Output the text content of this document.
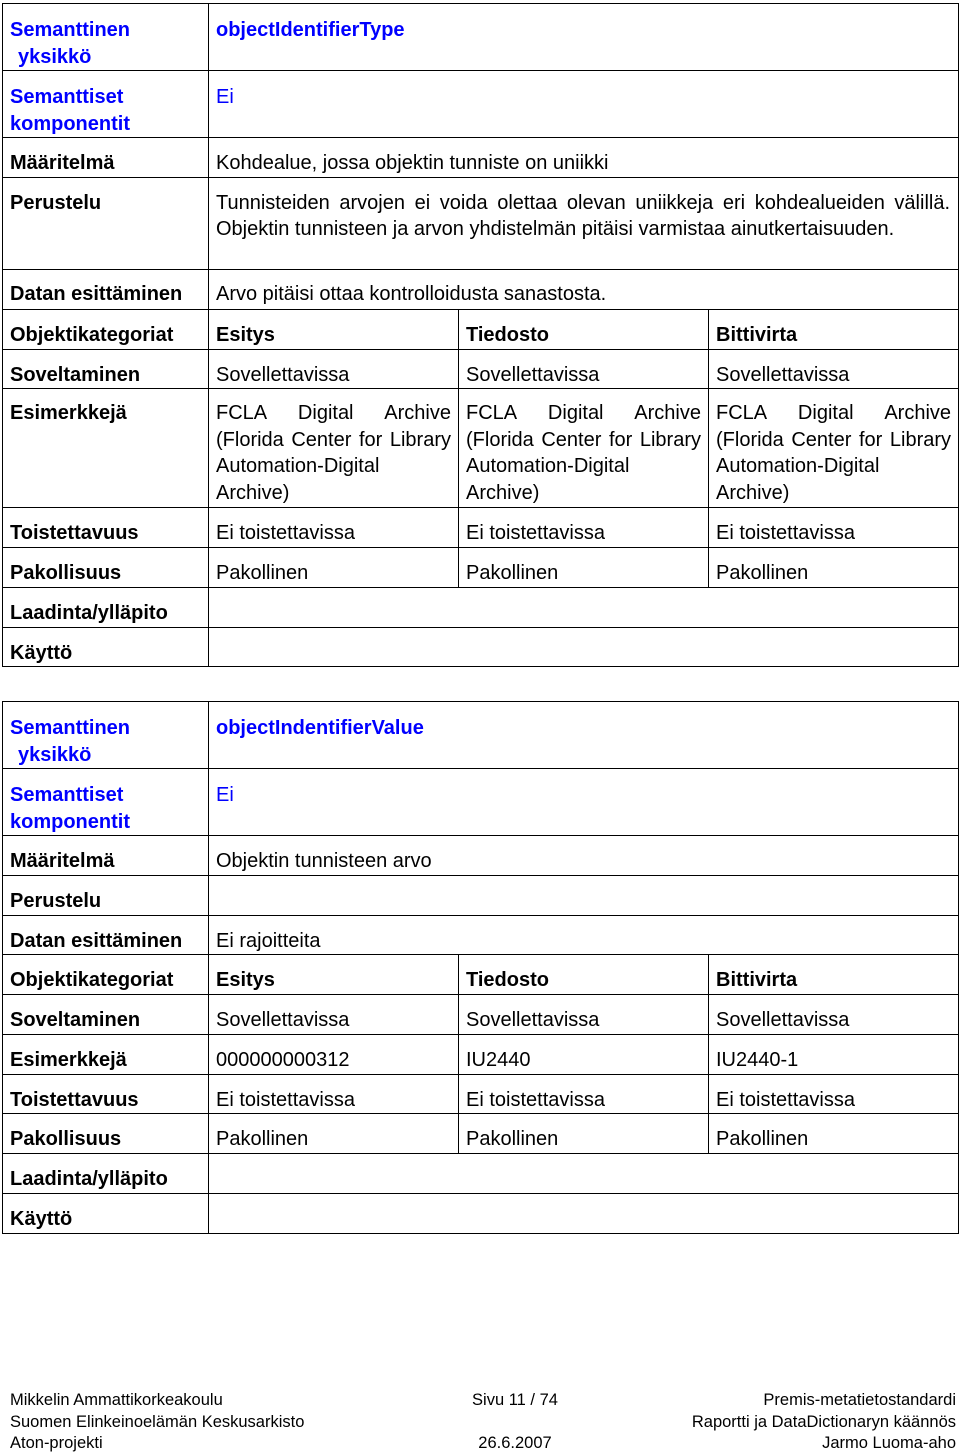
Semanttinen
yksikkö	objectIdentifierType		
Semanttiset
komponentit	Ei		
Määritelmä	Kohdealue, jossa objektin tunniste on uniikki		
Perustelu	Tunnisteiden arvojen ei voida olettaa olevan uniikkeja eri kohdealueiden välillä. Objektin tunnisteen ja arvon yhdistelmän pitäisi varmistaa ainutkertaisuuden.		
Datan esittäminen	Arvo pitäisi ottaa kontrolloidusta sanastosta.		
Objektikategoriat	Esitys	Tiedosto	Bittivirta
Soveltaminen	Sovellettavissa	Sovellettavissa	Sovellettavissa
Esimerkkejä	FCLA Digital Archive (Florida Center for Library Automation-Digital Archive)	FCLA Digital Archive (Florida Center for Library Automation-Digital Archive)	FCLA Digital Archive (Florida Center for Library Automation-Digital Archive)
Toistettavuus	Ei toistettavissa	Ei toistettavissa	Ei toistettavissa
Pakollisuus	Pakollinen	Pakollinen	Pakollinen
Laadinta/ylläpito			
Käyttö			
Semanttinen
yksikkö	objectIndentifierValue		
Semanttiset
komponentit	Ei		
Määritelmä	Objektin tunnisteen arvo		
Perustelu			
Datan esittäminen	Ei rajoitteita		
Objektikategoriat	Esitys	Tiedosto	Bittivirta
Soveltaminen	Sovellettavissa	Sovellettavissa	Sovellettavissa
Esimerkkejä	000000000312	IU2440	IU2440-1
Toistettavuus	Ei toistettavissa	Ei toistettavissa	Ei toistettavissa
Pakollisuus	Pakollinen	Pakollinen	Pakollinen
Laadinta/ylläpito			
Käyttö			
Mikkelin Ammattikorkeakoulu
Suomen Elinkeinoelämän Keskusarkisto
Aton-projekti
Sivu 11 / 74
26.6.2007
Premis-metatietostandardi
Raportti ja DataDictionaryn käännös
Jarmo Luoma-aho
